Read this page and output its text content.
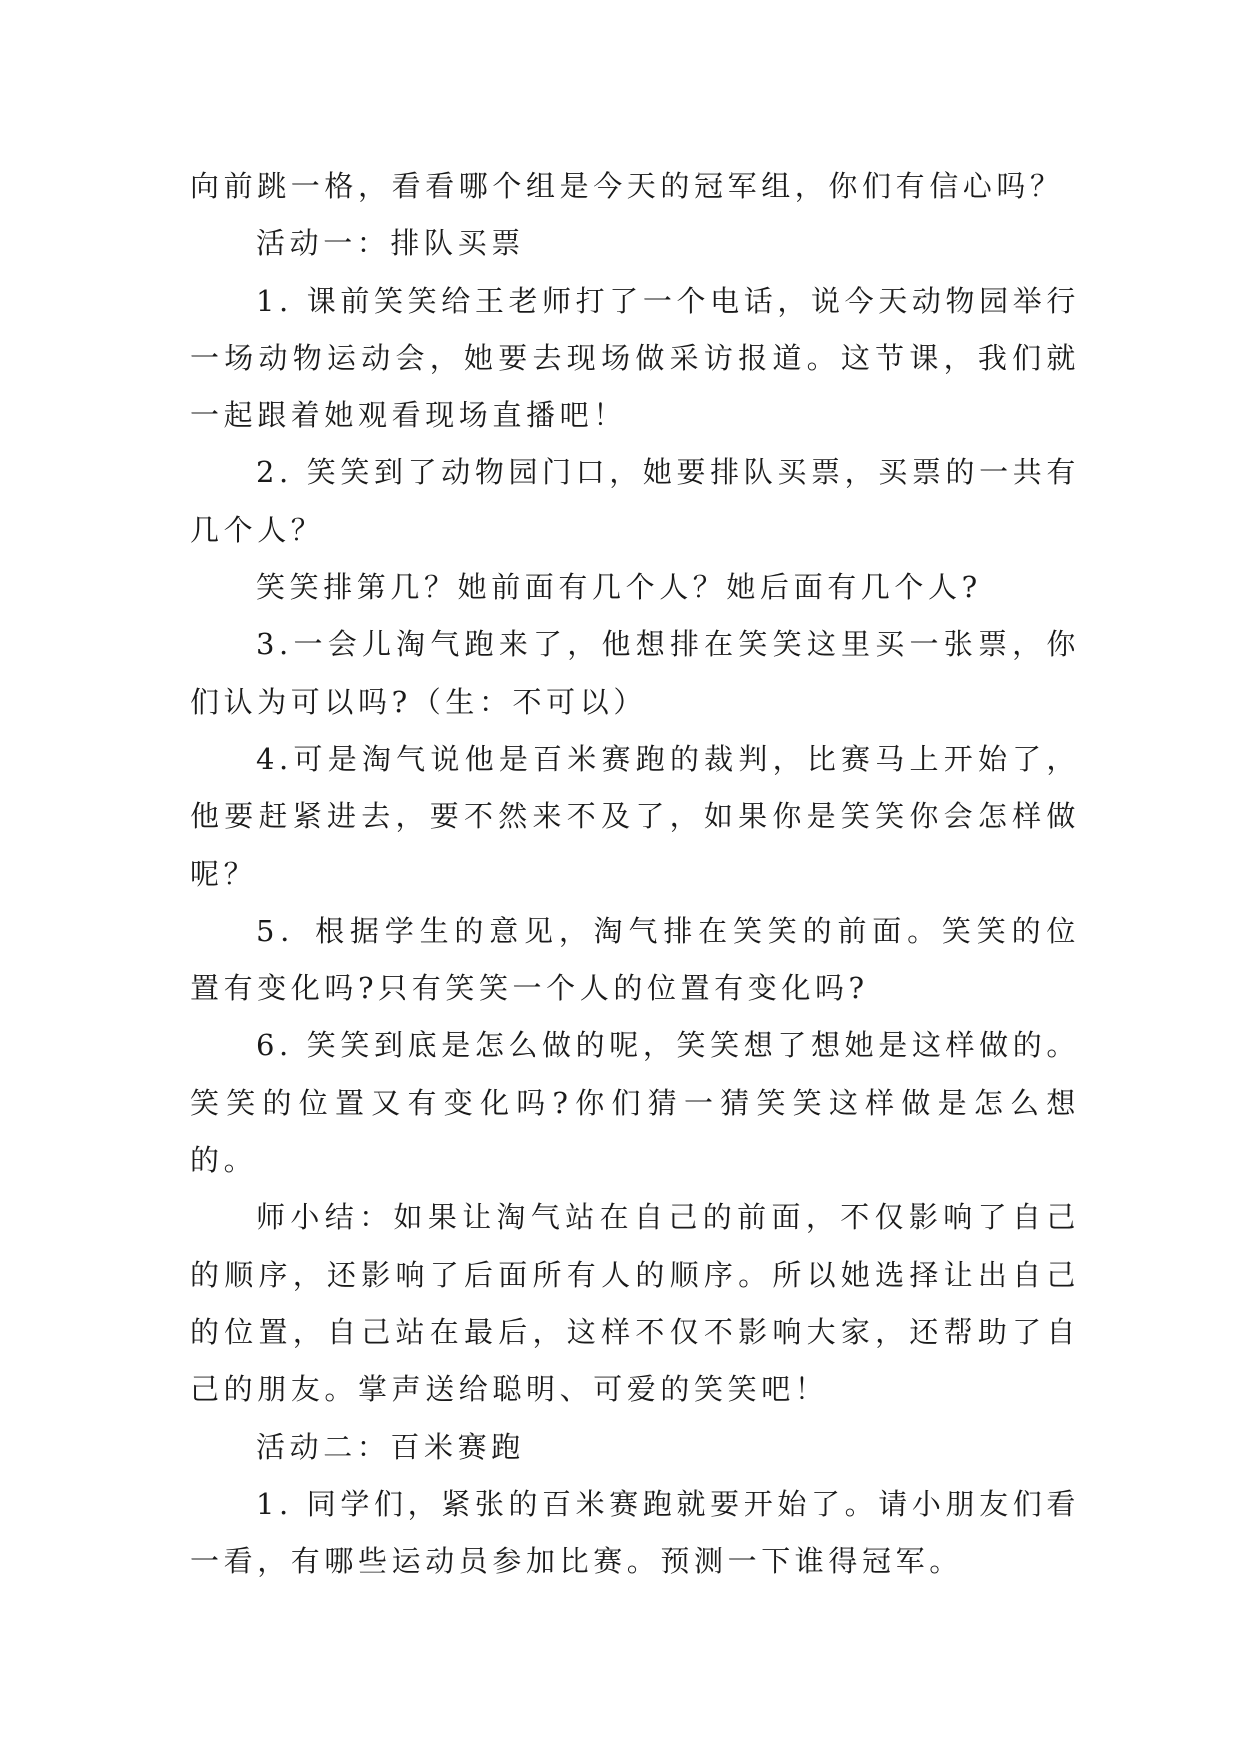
向前跳一格，看看哪个组是今天的冠军组，你们有信心吗？

活动一：排队买票

1. 课前笑笑给王老师打了一个电话，说今天动物园举行一场动物运动会，她要去现场做采访报道。这节课，我们就一起跟着她观看现场直播吧！

2. 笑笑到了动物园门口，她要排队买票，买票的一共有几个人？

笑笑排第几？她前面有几个人？她后面有几个人?

3.一会儿淘气跑来了，他想排在笑笑这里买一张票，你们认为可以吗?（生：不可以）

4.可是淘气说他是百米赛跑的裁判，比赛马上开始了，他要赶紧进去，要不然来不及了，如果你是笑笑你会怎样做呢？

5．根据学生的意见，淘气排在笑笑的前面。笑笑的位置有变化吗?只有笑笑一个人的位置有变化吗?

6. 笑笑到底是怎么做的呢，笑笑想了想她是这样做的。笑笑的位置又有变化吗?你们猜一猜笑笑这样做是怎么想的。

师小结：如果让淘气站在自己的前面，不仅影响了自己的顺序，还影响了后面所有人的顺序。所以她选择让出自己的位置，自己站在最后，这样不仅不影响大家，还帮助了自己的朋友。掌声送给聪明、可爱的笑笑吧！

活动二：百米赛跑

1. 同学们，紧张的百米赛跑就要开始了。请小朋友们看一看，有哪些运动员参加比赛。预测一下谁得冠军。
